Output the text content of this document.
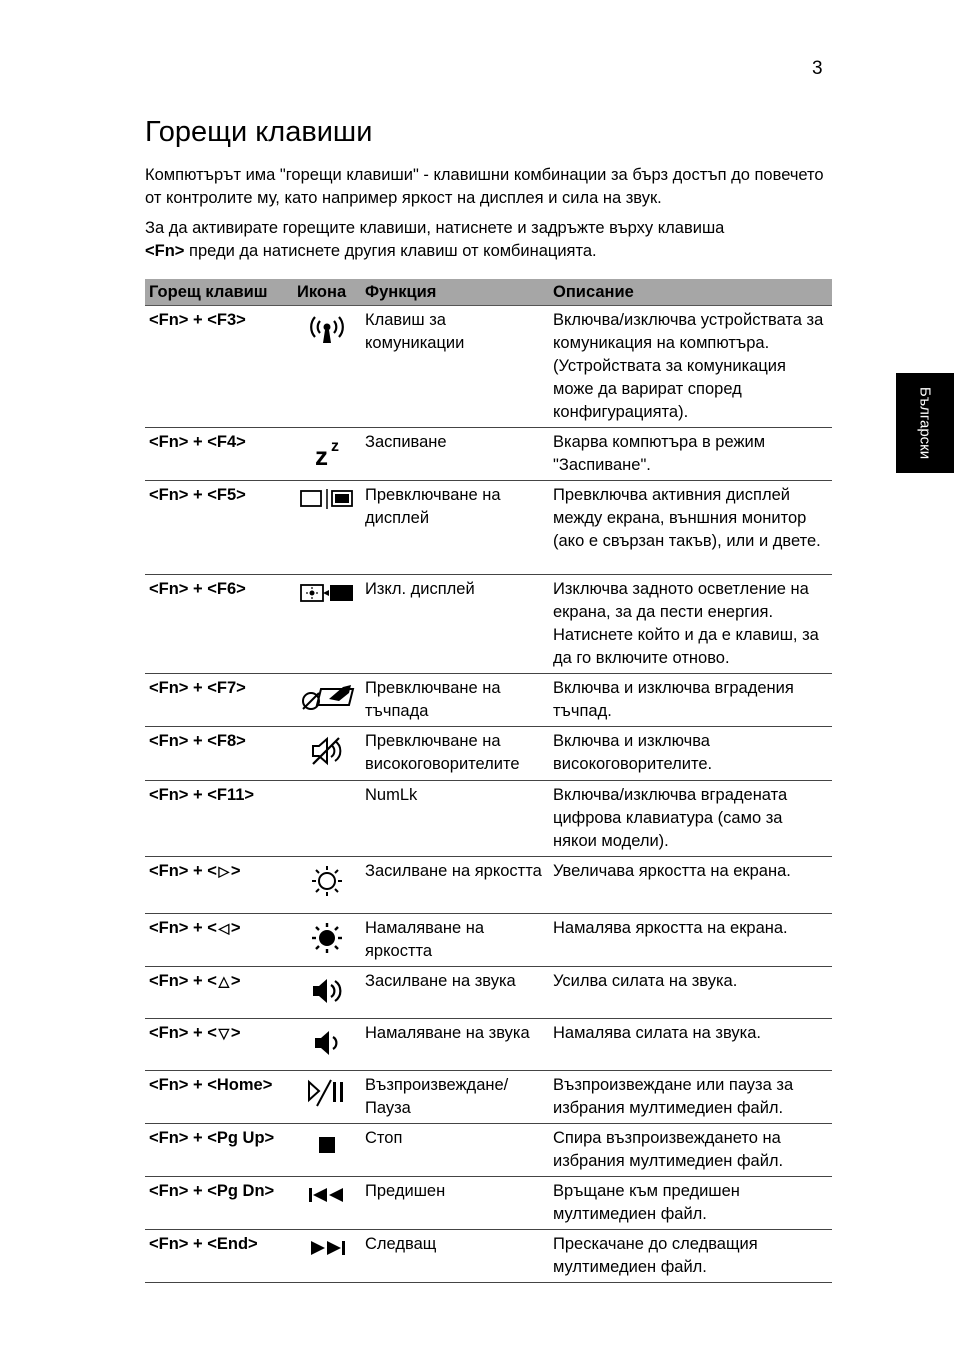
3
Български
Горещи клавиши

Компютърът има "горещи клавиши" - клавишни комбинации за бърз достъп до повечето от контролите му, като например яркост на дисплея и сила на звук.

За да активирате горещите клавиши, натиснете и задръжте върху клавиша
<Fn> преди да натиснете другия клавиш от комбинацията.

Горещ клавиш	Икона	Функция	Описание
<Fn> + <F3>		Клавиш за комуникации	Включва/изключва устройствата за комуникация на компютъра. (Устройствата за комуникация може да варират според конфигурацията).
<Fn> + <F4>	z z	Заспиване	Вкарва компютъра в режим "Заспиване".
<Fn> + <F5>		Превключване на дисплей	Превключва активния дисплей между екрана, външния монитор (ако е свързан такъв), или и двете.
<Fn> + <F6>		Изкл. дисплей	Изключва задното осветление на екрана, за да пести енергия. Натиснете който и да е клавиш, за да го включите отново.
<Fn> + <F7>		Превключване на тъчпада	Включва и изключва вградения тъчпад.
<Fn> + <F8>		Превключване на високоговорителите	Включва и изключва високоговорителите.
<Fn> + <F11>		NumLk	Включва/изключва вградената цифрова клавиатура (само за някои модели).
<Fn> + < ▷>		Засилване на яркостта	Увеличава яркостта на екрана.
<Fn> + < ◁>		Намаляване на яркостта	Намалява яркостта на екрана.
<Fn> + < △>		Засилване на звука	Усилва силата на звука.
<Fn> + < ▽>		Намаляване на звука	Намалява силата на звука.
<Fn> + <Home>		Възпроизвеждане/ Пауза	Възпроизвеждане или пауза за избрания мултимедиен файл.
<Fn> + <Pg Up>		Стоп	Спира възпроизвеждането на избрания мултимедиен файл.
<Fn> + <Pg Dn>		Предишен	Връщане към предишен мултимедиен файл.
<Fn> + <End>		Следващ	Прескачане до следващия мултимедиен файл.
